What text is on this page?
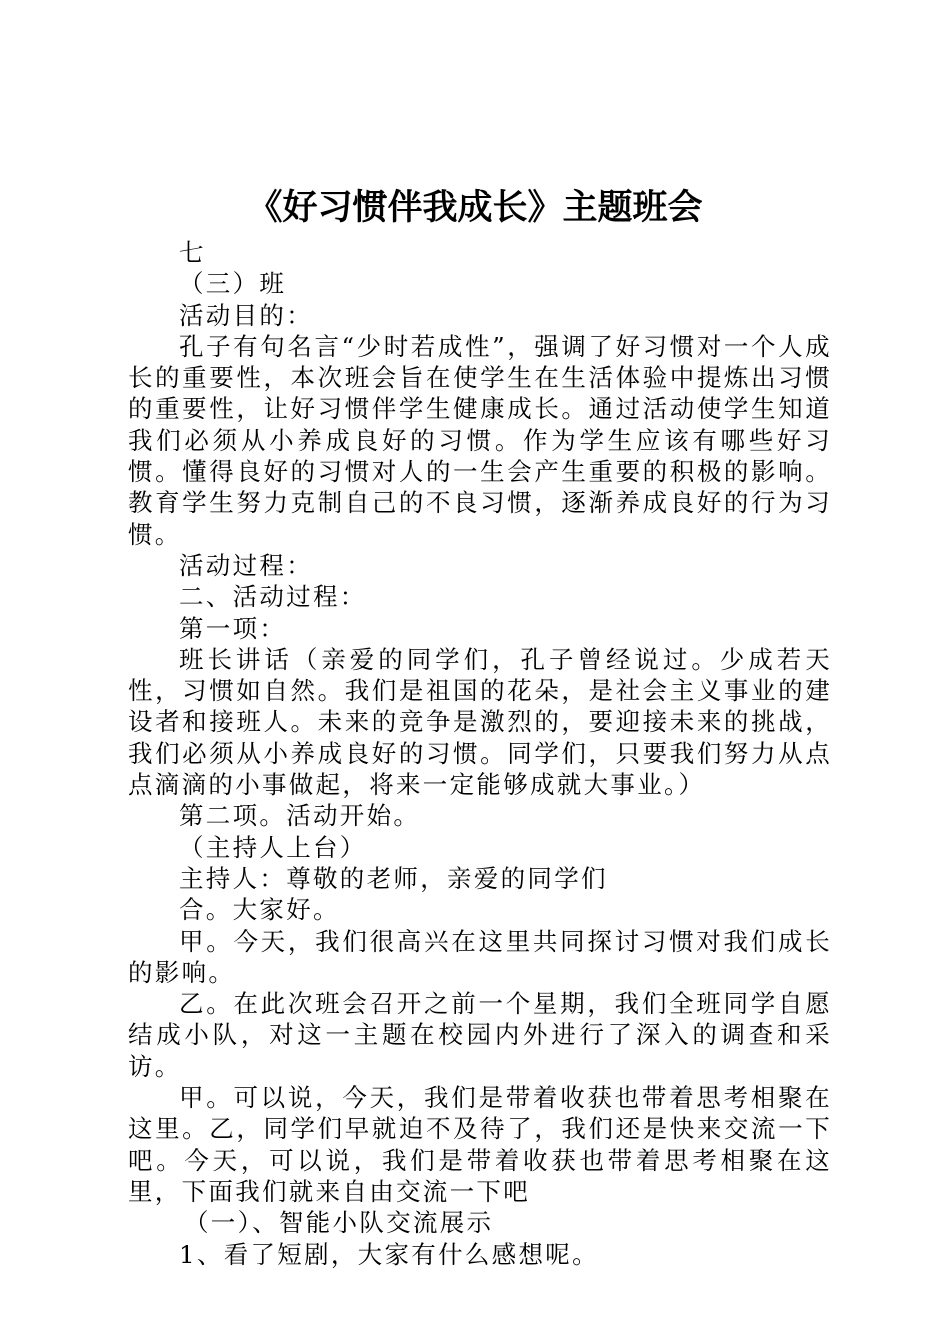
《好习惯伴我成长》主题班会

七

（三）班

活动目的：

孔子有句名言“少时若成性”，强调了好习惯对一个人成长的重要性，本次班会旨在使学生在生活体验中提炼出习惯的重要性，让好习惯伴学生健康成长。通过活动使学生知道我们必须从小养成良好的习惯。作为学生应该有哪些好习惯。懂得良好的习惯对人的一生会产生重要的积极的影响。教育学生努力克制自己的不良习惯，逐渐养成良好的行为习惯。

活动过程：

二、活动过程：

第一项：

班长讲话（亲爱的同学们，孔子曾经说过。少成若天性，习惯如自然。我们是祖国的花朵，是社会主义事业的建设者和接班人。未来的竞争是激烈的，要迎接未来的挑战，我们必须从小养成良好的习惯。同学们，只要我们努力从点点滴滴的小事做起，将来一定能够成就大事业。）

第二项。活动开始。

（主持人上台）

主持人：尊敬的老师，亲爱的同学们

合。大家好。

甲。今天，我们很高兴在这里共同探讨习惯对我们成长的影响。

乙。在此次班会召开之前一个星期，我们全班同学自愿结成小队，对这一主题在校园内外进行了深入的调查和采访。

甲。可以说，今天，我们是带着收获也带着思考相聚在这里。乙，同学们早就迫不及待了，我们还是快来交流一下吧。今天，可以说，我们是带着收获也带着思考相聚在这里，下面我们就来自由交流一下吧

（一）、智能小队交流展示

1、看了短剧，大家有什么感想呢。
